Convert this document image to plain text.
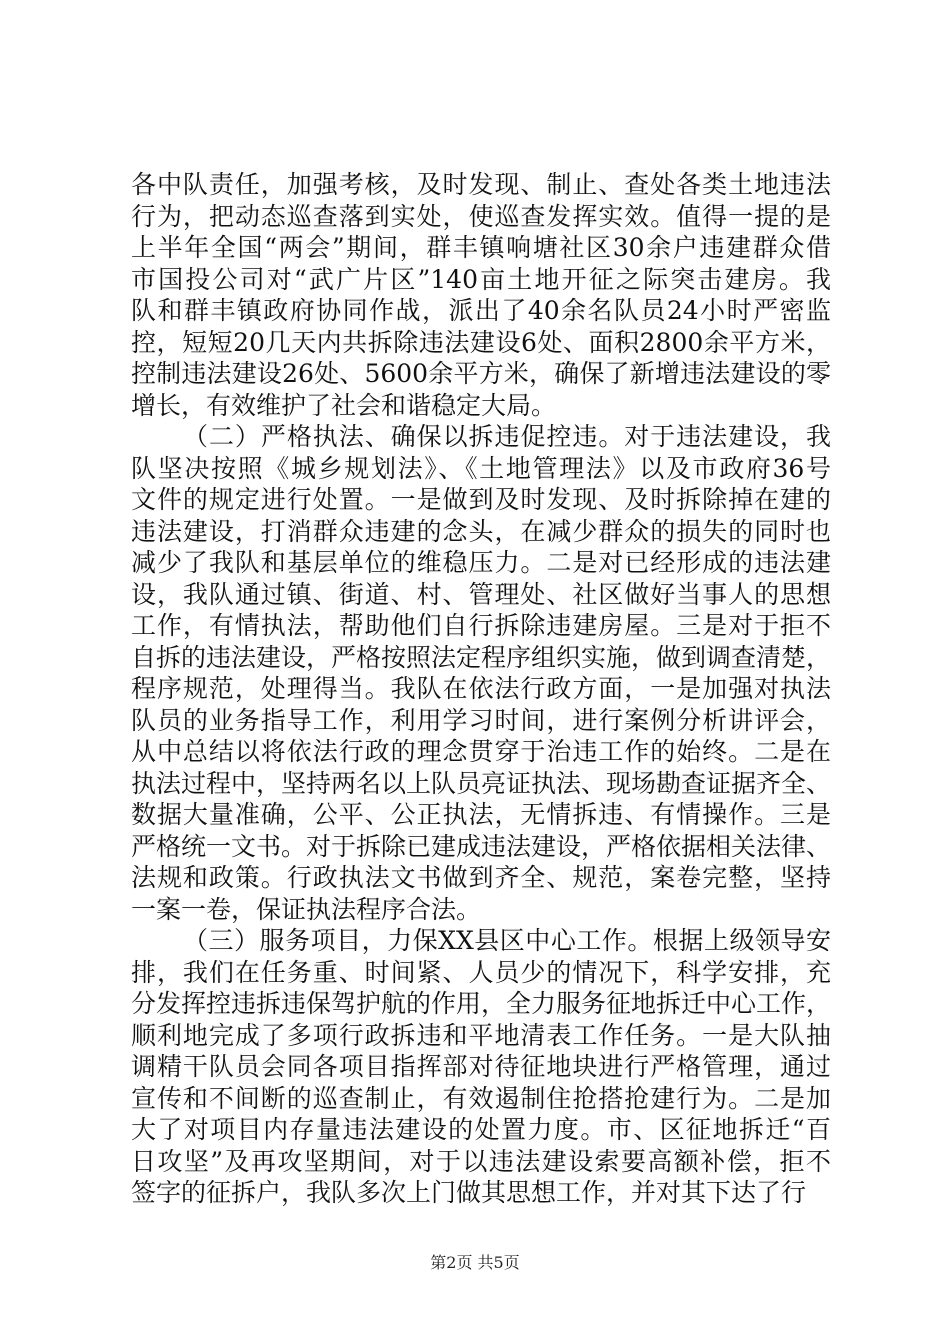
各中队责任，加强考核，及时发现、制止、查处各类土地违法
行为，把动态巡查落到实处，使巡查发挥实效。值得一提的是
上半年全国“两会”期间，群丰镇响塘社区30余户违建群众借
市国投公司对“武广片区”140亩土地开征之际突击建房。我
队和群丰镇政府协同作战，派出了40余名队员24小时严密监
控，短短20几天内共拆除违法建设6处、面积2800余平方米，
控制违法建设26处、5600余平方米，确保了新增违法建设的零
增长，有效维护了社会和谐稳定大局。
（二）严格执法、确保以拆违促控违。对于违法建设，我
队坚决按照《城乡规划法》、《土地管理法》以及市政府36号
文件的规定进行处置。一是做到及时发现、及时拆除掉在建的
违法建设，打消群众违建的念头，在减少群众的损失的同时也
减少了我队和基层单位的维稳压力。二是对已经形成的违法建
设，我队通过镇、街道、村、管理处、社区做好当事人的思想
工作，有情执法，帮助他们自行拆除违建房屋。三是对于拒不
自拆的违法建设，严格按照法定程序组织实施，做到调查清楚，
程序规范，处理得当。我队在依法行政方面，一是加强对执法
队员的业务指导工作，利用学习时间，进行案例分析讲评会，
从中总结以将依法行政的理念贯穿于治违工作的始终。二是在
执法过程中，坚持两名以上队员亮证执法、现场勘查证据齐全、
数据大量准确，公平、公正执法，无情拆违、有情操作。三是
严格统一文书。对于拆除已建成违法建设，严格依据相关法律、
法规和政策。行政执法文书做到齐全、规范，案卷完整，坚持
一案一卷，保证执法程序合法。
（三）服务项目，力保XX县区中心工作。根据上级领导安
排，我们在任务重、时间紧、人员少的情况下，科学安排，充
分发挥控违拆违保驾护航的作用，全力服务征地拆迁中心工作，
顺利地完成了多项行政拆违和平地清表工作任务。一是大队抽
调精干队员会同各项目指挥部对待征地块进行严格管理，通过
宣传和不间断的巡查制止，有效遏制住抢搭抢建行为。二是加
大了对项目内存量违法建设的处置力度。市、区征地拆迁“百
日攻坚”及再攻坚期间，对于以违法建设索要高额补偿，拒不
签字的征拆户，我队多次上门做其思想工作，并对其下达了行
第2页 共5页
